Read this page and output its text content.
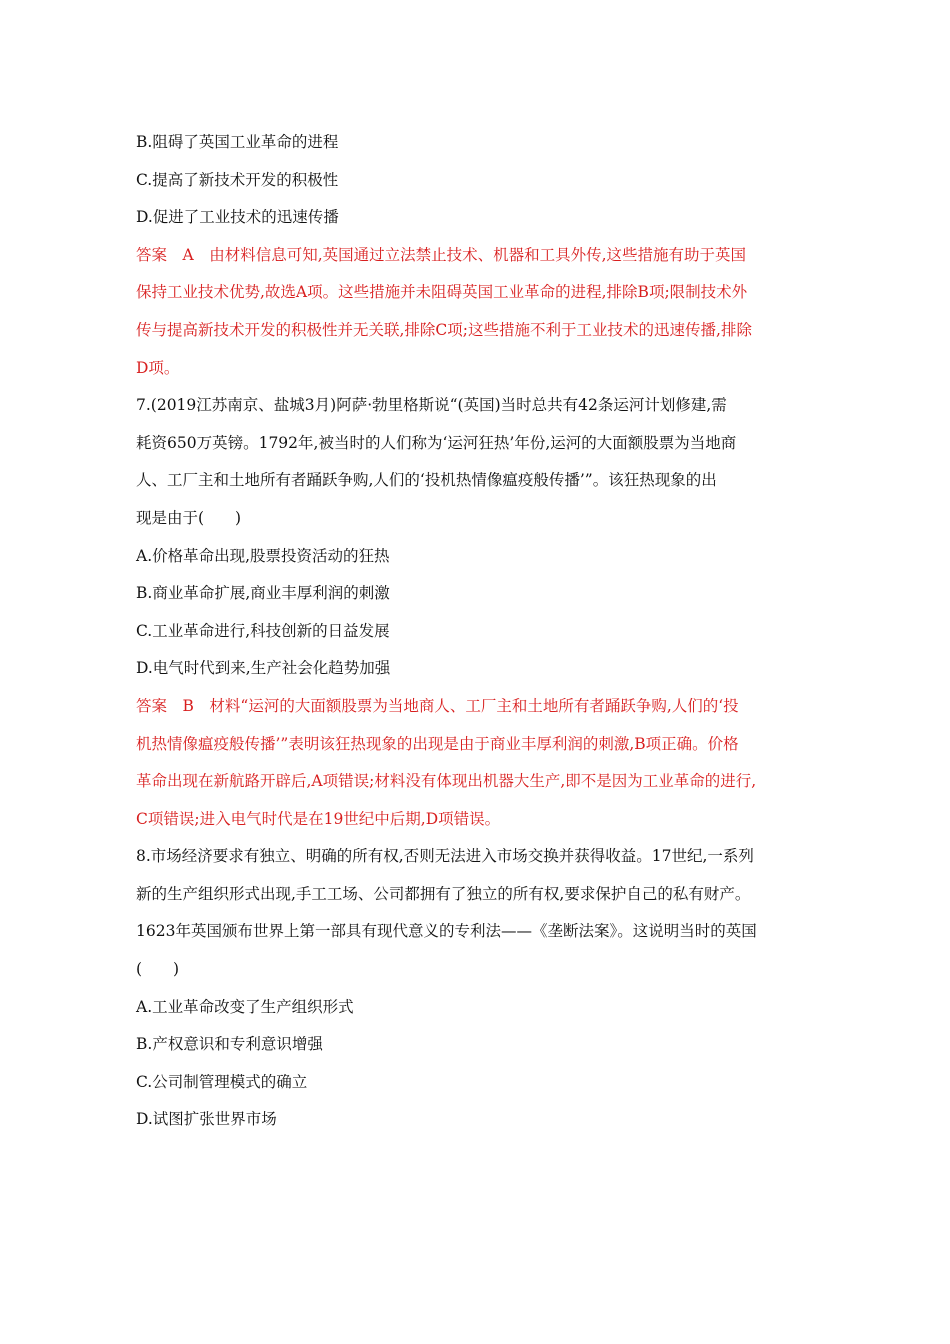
B.阻碍了英国工业革命的进程
C.提高了新技术开发的积极性
D.促进了工业技术的迅速传播
答案　A　由材料信息可知,英国通过立法禁止技术、机器和工具外传,这些措施有助于英国
保持工业技术优势,故选A项。这些措施并未阻碍英国工业革命的进程,排除B项;限制技术外
传与提高新技术开发的积极性并无关联,排除C项;这些措施不利于工业技术的迅速传播,排除
D项。
7.(2019江苏南京、盐城3月)阿萨·勃里格斯说“(英国)当时总共有42条运河计划修建,需
耗资650万英镑。1792年,被当时的人们称为‘运河狂热’年份,运河的大面额股票为当地商
人、工厂主和土地所有者踊跃争购,人们的‘投机热情像瘟疫般传播’”。该狂热现象的出
现是由于(　　)
A.价格革命出现,股票投资活动的狂热
B.商业革命扩展,商业丰厚利润的刺激
C.工业革命进行,科技创新的日益发展
D.电气时代到来,生产社会化趋势加强
答案　B　材料“运河的大面额股票为当地商人、工厂主和土地所有者踊跃争购,人们的‘投
机热情像瘟疫般传播’”表明该狂热现象的出现是由于商业丰厚利润的刺激,B项正确。价格
革命出现在新航路开辟后,A项错误;材料没有体现出机器大生产,即不是因为工业革命的进行,
C项错误;进入电气时代是在19世纪中后期,D项错误。
8.市场经济要求有独立、明确的所有权,否则无法进入市场交换并获得收益。17世纪,一系列
新的生产组织形式出现,手工工场、公司都拥有了独立的所有权,要求保护自己的私有财产。
1623年英国颁布世界上第一部具有现代意义的专利法——《垄断法案》。这说明当时的英国
(　　)
A.工业革命改变了生产组织形式
B.产权意识和专利意识增强
C.公司制管理模式的确立
D.试图扩张世界市场
